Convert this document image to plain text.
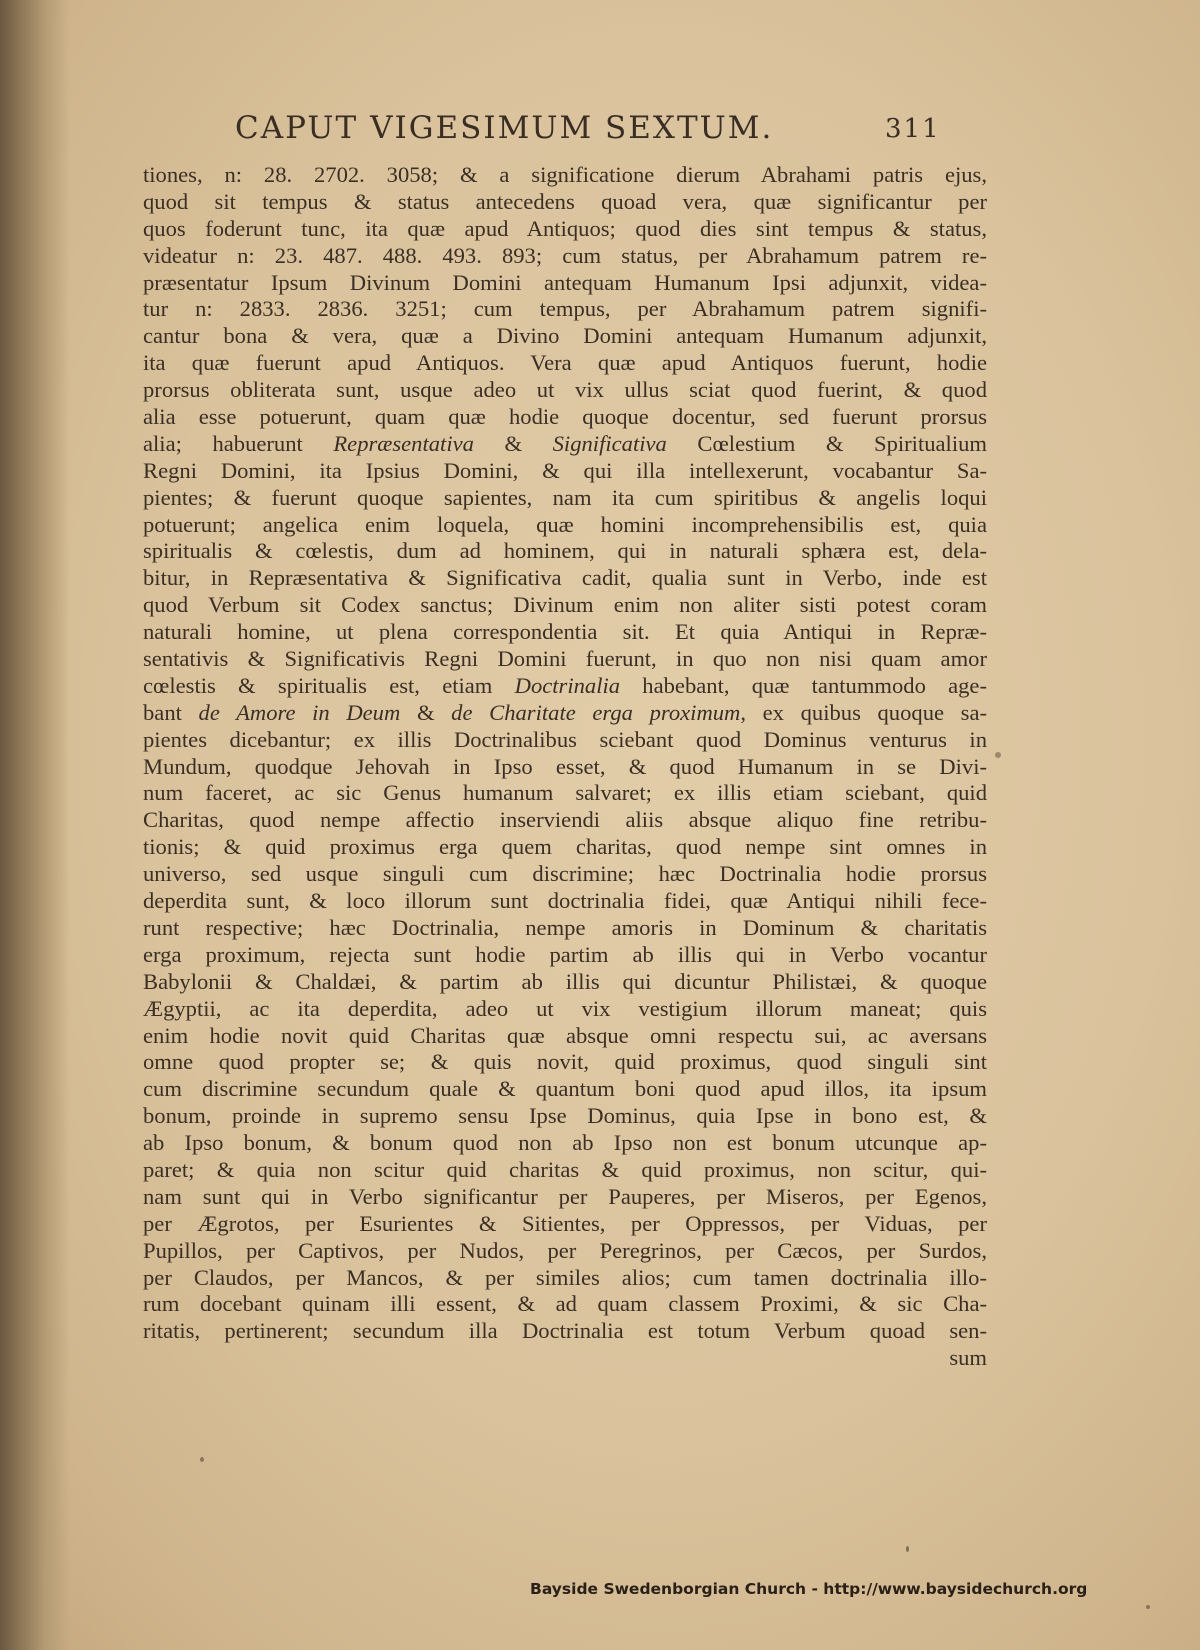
CAPUT VIGESIMUM SEXTUM.	311
tiones, n: 28. 2702. 3058; & a significatione dierum Abrahami patris ejus,
quod sit tempus & status antecedens quoad vera, quæ significantur per
quos foderunt tunc, ita quæ apud Antiquos; quod dies sint tempus & status,
videatur n: 23. 487. 488. 493. 893; cum status, per Abrahamum patrem re-
præsentatur Ipsum Divinum Domini antequam Humanum Ipsi adjunxit, videa-
tur n: 2833. 2836. 3251; cum tempus, per Abrahamum patrem signifi-
cantur bona & vera, quæ a Divino Domini antequam Humanum adjunxit,
ita quæ fuerunt apud Antiquos. Vera quæ apud Antiquos fuerunt, hodie
prorsus obliterata sunt, usque adeo ut vix ullus sciat quod fuerint, & quod
alia esse potuerunt, quam quæ hodie quoque docentur, sed fuerunt prorsus
alia; habuerunt Repræsentativa & Significativa Cœlestium & Spiritualium
Regni Domini, ita Ipsius Domini, & qui illa intellexerunt, vocabantur Sa-
pientes; & fuerunt quoque sapientes, nam ita cum spiritibus & angelis loqui
potuerunt; angelica enim loquela, quæ homini incomprehensibilis est, quia
spiritualis & cœlestis, dum ad hominem, qui in naturali sphæra est, dela-
bitur, in Repræsentativa & Significativa cadit, qualia sunt in Verbo, inde est
quod Verbum sit Codex sanctus; Divinum enim non aliter sisti potest coram
naturali homine, ut plena correspondentia sit. Et quia Antiqui in Repræ-
sentativis & Significativis Regni Domini fuerunt, in quo non nisi quam amor
cœlestis & spiritualis est, etiam Doctrinalia habebant, quæ tantummodo age-
bant de Amore in Deum & de Charitate erga proximum, ex quibus quoque sa-
pientes dicebantur; ex illis Doctrinalibus sciebant quod Dominus venturus in
Mundum, quodque Jehovah in Ipso esset, & quod Humanum in se Divi-
num faceret, ac sic Genus humanum salvaret; ex illis etiam sciebant, quid
Charitas, quod nempe affectio inserviendi aliis absque aliquo fine retribu-
tionis; & quid proximus erga quem charitas, quod nempe sint omnes in
universo, sed usque singuli cum discrimine; hæc Doctrinalia hodie prorsus
deperdita sunt, & loco illorum sunt doctrinalia fidei, quæ Antiqui nihili fece-
runt respective; hæc Doctrinalia, nempe amoris in Dominum & charitatis
erga proximum, rejecta sunt hodie partim ab illis qui in Verbo vocantur
Babylonii & Chaldæi, & partim ab illis qui dicuntur Philistæi, & quoque
Ægyptii, ac ita deperdita, adeo ut vix vestigium illorum maneat; quis
enim hodie novit quid Charitas quæ absque omni respectu sui, ac aversans
omne quod propter se; & quis novit, quid proximus, quod singuli sint
cum discrimine secundum quale & quantum boni quod apud illos, ita ipsum
bonum, proinde in supremo sensu Ipse Dominus, quia Ipse in bono est, &
ab Ipso bonum, & bonum quod non ab Ipso non est bonum utcunque ap-
paret; & quia non scitur quid charitas & quid proximus, non scitur, qui-
nam sunt qui in Verbo significantur per Pauperes, per Miseros, per Egenos,
per Ægrotos, per Esurientes & Sitientes, per Oppressos, per Viduas, per
Pupillos, per Captivos, per Nudos, per Peregrinos, per Cæcos, per Surdos,
per Claudos, per Mancos, & per similes alios; cum tamen doctrinalia illo-
rum docebant quinam illi essent, & ad quam classem Proximi, & sic Cha-
ritatis, pertinerent; secundum illa Doctrinalia est totum Verbum quoad sen-
sum
Bayside Swedenborgian Church - http://www.baysidechurch.org
